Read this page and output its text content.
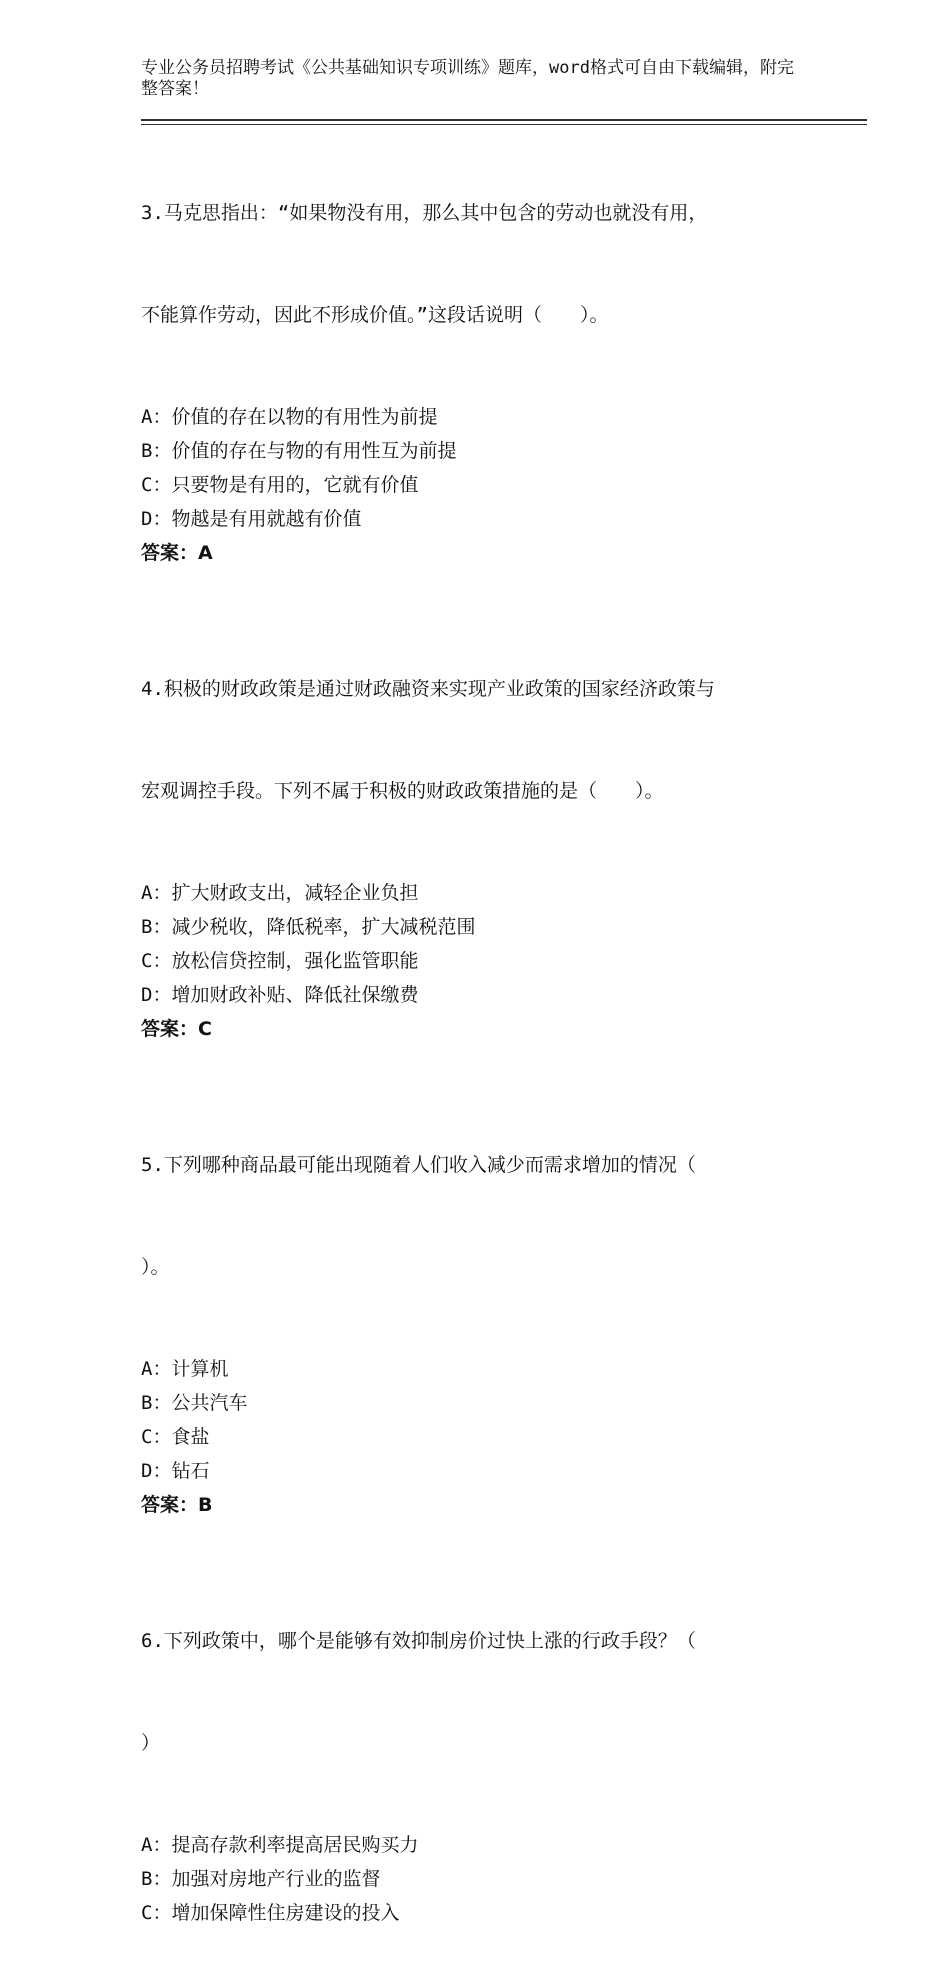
专业公务员招聘考试《公共基础知识专项训练》题库，word格式可自由下载编辑，附完整答案！

3.马克思指出：“如果物没有用，那么其中包含的劳动也就没有用，

不能算作劳动，因此不形成价值。”这段话说明（　　）。

A：价值的存在以物的有用性为前提

B：价值的存在与物的有用性互为前提

C：只要物是有用的，它就有价值

D：物越是有用就越有价值

答案：A

4.积极的财政政策是通过财政融资来实现产业政策的国家经济政策与

宏观调控手段。下列不属于积极的财政政策措施的是（　　）。

A：扩大财政支出，减轻企业负担

B：减少税收，降低税率，扩大减税范围

C：放松信贷控制，强化监管职能

D：增加财政补贴、降低社保缴费

答案：C

5.下列哪种商品最可能出现随着人们收入减少而需求增加的情况（

）。

A：计算机

B：公共汽车

C：食盐

D：钻石

答案：B

6.下列政策中，哪个是能够有效抑制房价过快上涨的行政手段？（

）

A：提高存款利率提高居民购买力

B：加强对房地产行业的监督

C：增加保障性住房建设的投入
